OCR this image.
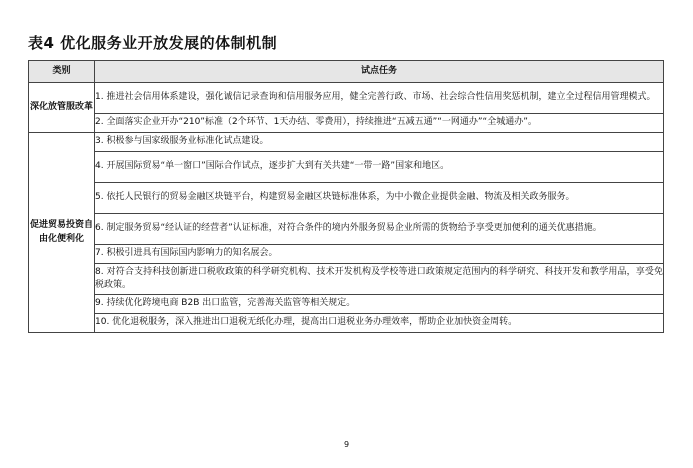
表4 优化服务业开放发展的体制机制
类别	试点任务
深化放管服改革	1. 推进社会信用体系建设，强化诚信记录查询和信用服务应用，健全完善行政、市场、社会综合性信用奖惩机制，建立全过程信用管理模式。
	2. 全面落实企业开办“210”标准（2个环节、1天办结、零费用），持续推进“五减五通”“一网通办”“全城通办”。
促进贸易投资自由化便利化	3. 积极参与国家级服务业标准化试点建设。
	4. 开展国际贸易“单一窗口”国际合作试点，逐步扩大到有关共建“一带一路”国家和地区。
	5. 依托人民银行的贸易金融区块链平台，构建贸易金融区块链标准体系，为中小微企业提供金融、物流及相关政务服务。
	6. 制定服务贸易“经认证的经营者”认证标准，对符合条件的境内外服务贸易企业所需的货物给予享受更加便利的通关优惠措施。
	7. 积极引进具有国际国内影响力的知名展会。
	8. 对符合支持科技创新进口税收政策的科学研究机构、技术开发机构及学校等进口政策规定范围内的科学研究、科技开发和教学用品，享受免税政策。
	9. 持续优化跨境电商 B2B 出口监管，完善海关监管等相关规定。
	10. 优化退税服务，深入推进出口退税无纸化办理，提高出口退税业务办理效率，帮助企业加快资金周转。
9
